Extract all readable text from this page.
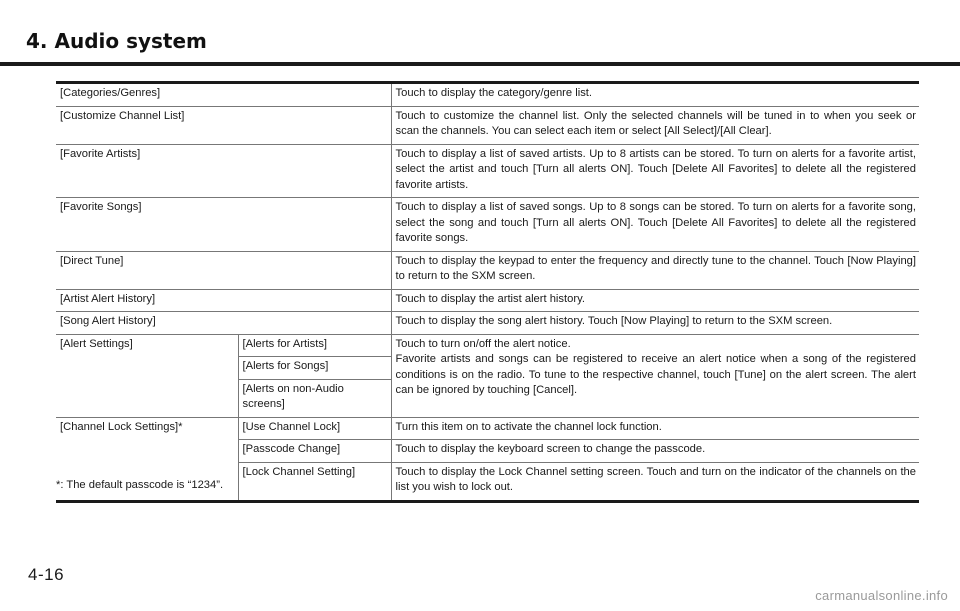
4. Audio system
[Categories/Genres]		Touch to display the category/genre list.
[Customize Channel List]		Touch to customize the channel list. Only the selected channels will be tuned in to when you seek or scan the channels. You can select each item or select [All Select]/[All Clear].
[Favorite Artists]		Touch to display a list of saved artists. Up to 8 artists can be stored. To turn on alerts for a favorite artist, select the artist and touch [Turn all alerts ON]. Touch [Delete All Favorites] to delete all the registered favorite artists.
[Favorite Songs]		Touch to display a list of saved songs. Up to 8 songs can be stored. To turn on alerts for a favorite song, select the song and touch [Turn all alerts ON]. Touch [Delete All Favorites] to delete all the registered favorite songs.
[Direct Tune]		Touch to display the keypad to enter the frequency and directly tune to the channel. Touch [Now Playing] to return to the SXM screen.
[Artist Alert History]		Touch to display the artist alert history.
[Song Alert History]		Touch to display the song alert history. Touch [Now Playing] to return to the SXM screen.
[Alert Settings]	[Alerts for Artists]	Touch to turn on/off the alert notice.
Favorite artists and songs can be registered to receive an alert notice when a song of the registered conditions is on the radio. To tune to the respective channel, touch [Tune] on the alert screen. The alert can be ignored by touching [Cancel].

	[Alerts for Songs]	
	[Alerts on non-Audio screens]	
[Channel Lock Settings]*	[Use Channel Lock]	Turn this item on to activate the channel lock function.
	[Passcode Change]	Touch to display the keyboard screen to change the passcode.
	[Lock Channel Setting]	Touch to display the Lock Channel setting screen. Touch and turn on the indicator of the channels on the list you wish to lock out.

*: The default passcode is “1234”.

4-16

carmanualsonline.info
